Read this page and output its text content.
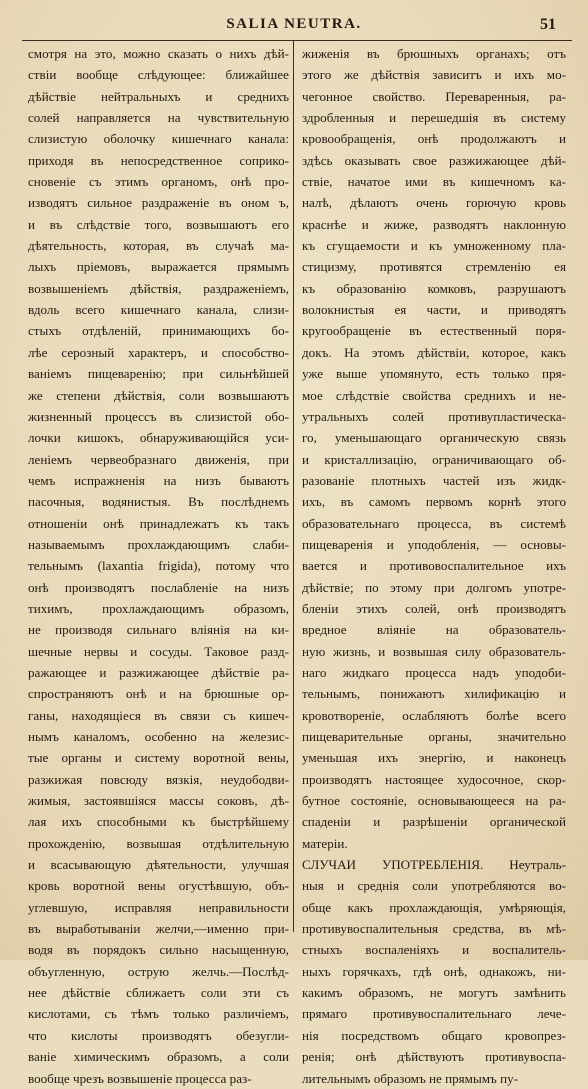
SALIA NEUTRA.	51
смотря на это, можно сказать о нихъ дѣй-
ствіи вообще слѣдующее: ближайшее
дѣйствіе нейтральныхъ и среднихъ
солей направляется на чувствительную
слизистую оболочку кишечнаго канала:
приходя въ непосредственное соприко-
сновеніе съ этимъ органомъ, онѣ про-
изводятъ сильное раздраженіе въ оном ъ,
и въ слѣдствіе того, возвышаютъ его
дѣятельность, которая, въ случаѣ ма-
лыхъ пріемовъ, выражается прямымъ
возвышеніемъ дѣйствія, раздраженіемъ,
вдоль всего кишечнаго канала, слизи-
стыхъ отдѣленій, принимающихъ бо-
лѣе серозный характеръ, и способство-
ваніемъ пищеваренію; при сильнѣйшей
же степени дѣйствія, соли возвышаютъ
жизненный процессъ въ слизистой обо-
лочки кишокъ, обнаруживающійся уси-
леніемъ червеобразнаго движенія, при
чемъ испражненія на низъ бываютъ
пасочныя, водянистыя. Въ послѣднемъ
отношеніи онѣ принадлежатъ къ такъ
называемымъ прохлаждающимъ слаби-
тельнымъ (laxantia frigida), потому что
онѣ производятъ послабленіе на низъ
тихимъ, прохлаждающимъ образомъ,
не производя сильнаго вліянія на ки-
шечные нервы и сосуды. Таковое разд-
ражающее и разжижающее дѣйствіе ра-
спространяютъ онѣ и на брюшные ор-
ганы, находящіеся въ связи съ кишеч-
нымъ каналомъ, особенно на железис-
тые органы и систему воротной вены,
разжижая повсюду вязкія, неудободви-
жимыя, застоявшіяся массы соковъ, дѣ-
лая ихъ способными къ быстрѣйшему
прохожденію, возвышая отдѣлительную
и всасывающую дѣятельности, улучшая
кровь воротной вены огустѣвшую, объ-
углевшую, исправляя неправильности
въ выработываніи желчи,—именно при-
водя въ порядокъ сильно насыщенную,
объугленную, острую желчь.—Послѣд-
нее дѣйствіе сближаетъ соли эти съ
кислотами, съ тѣмъ только различіемъ,
что кислоты производятъ обезугли-
ваніе химическимъ образомъ, а соли
вообще чрезъ возвышеніе процесса раз-
жиженія въ брюшныхъ органахъ; отъ
этого же дѣйствія зависитъ и ихъ мо-
чегонное свойство. Переваренныя, ра-
здробленныя и перешедшія въ систему
кровообращенія, онѣ продолжаютъ и
здѣсь оказывать свое разжижающее дѣй-
ствіе, начатое ими въ кишечномъ ка-
налѣ, дѣлаютъ очень горючую кровь
краснѣе и жиже, разводятъ наклонную
къ сгущаемости и къ умноженному пла-
стицизму, противятся стремленію ея
къ образованію комковъ, разрушаютъ
волокнистыя ея части, и приводятъ
кругообращеніе въ естественный поря-
докъ. На этомъ дѣйствіи, которое, какъ
уже выше упомянуто, есть только пря-
мое слѣдствіе свойства среднихъ и не-
утральныхъ солей противупластическа-
го, уменьшающаго органическую связь
и кристаллизацію, ограничивающаго об-
разованіе плотныхъ частей изъ жидк-
ихъ, въ самомъ первомъ корнѣ этого
образовательнаго процесса, въ системѣ
пищеваренія и уподобленія, — основы-
вается и противовоспалительное ихъ
дѣйствіе; по этому при долгомъ употре-
бленіи этихъ солей, онѣ производятъ
вредное вліяніе на образователь-
ную жизнь, и возвышая силу образователь-
наго жидкаго процесса надъ уподоби-
тельнымъ, понижаютъ хилификацію и
кровотвореніе, ослабляютъ болѣе всего
пищеварительные органы, значительно
уменьшая ихъ энергію, и наконецъ
производятъ настоящее худосочное, скор-
бутное состояніе, основывающееся на ра-
спаденіи и разрѣшеніи органической
матеріи.
СЛУЧАИ УПОТРЕБЛЕНІЯ. Неутраль-
ныя и среднія соли употребляются во-
обще какъ прохлаждающія, умѣряющія,
противувоспалительныя средства, въ мѣ-
стныхъ воспаленіяхъ и воспалитель-
ныхъ горячкахъ, гдѣ онѣ, однакожъ, ни-
какимъ образомъ, не могутъ замѣнить
прямаго противувоспалительнаго лече-
нія посредствомъ общаго кровопрез-
ренія; онѣ дѣйствуютъ противувоспа-
лительнымъ образомъ не прямымъ пу-
